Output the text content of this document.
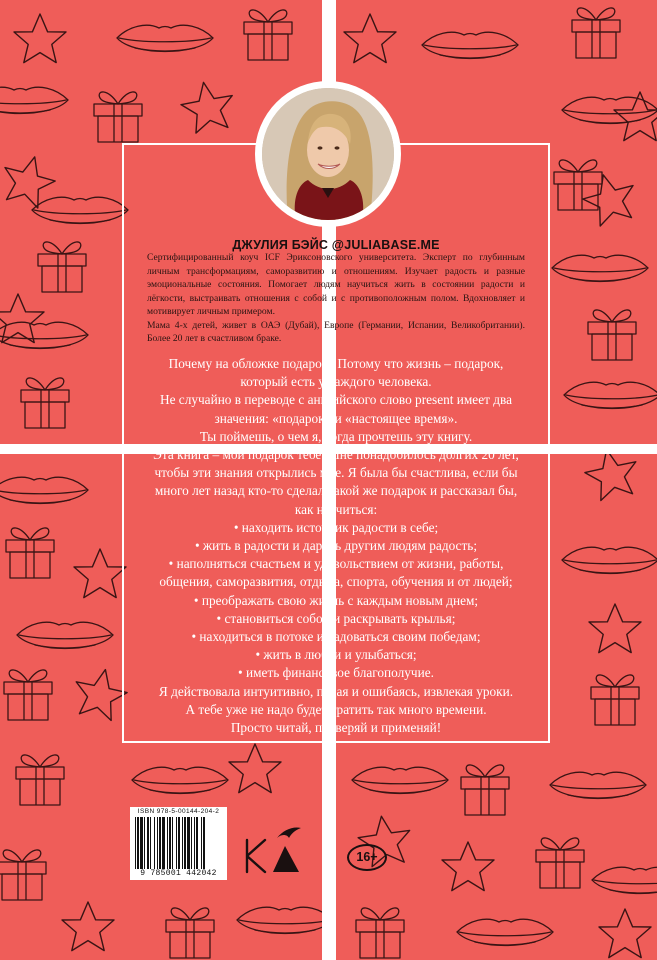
ДЖУЛИЯ БЭЙС @JULIABASE.ME

Сертифицированный коуч ICF Эриксоновского университета. Эксперт по глубинным личным трансформациям, саморазвитию и отношениям. Изучает радость и разные эмоциональные состояния. Помогает людям научиться жить в состоянии радости и лёгкости, выстраивать отношения с собой и с противоположным полом. Вдохновляет и мотивирует личным примером.

Мама 4-х детей, живет в ОАЭ (Дубай), Европе (Германии, Испании, Великобритании). Более 20 лет в счастливом браке.

Почему на обложке подарок? Потому что жизнь – подарок,

который есть у каждого человека.

Не случайно в переводе с английского слово present имеет два

значения: «подарок» и «настоящее время».

Ты поймешь, о чем я, когда прочтешь эту книгу.

Эта книга – мой подарок тебе. Мне понадобилось долгих 20 лет,

чтобы эти знания открылись мне. Я была бы счастлива, если бы

много лет назад кто-то сделал такой же подарок и рассказал бы,

как научиться:

• находить источник радости в себе;

• жить в радости и дарить другим людям радость;

• наполняться счастьем и удовольствием от жизни, работы,

общения, саморазвития, отдыха, спорта, обучения и от людей;

• преображать свою жизнь с каждым новым днем;

• становиться собой и раскрывать крылья;

• находиться в потоке и радоваться своим победам;

• жить в любви и улыбаться;

• иметь финансовое благополучие.

Я действовала интуитивно, падая и ошибаясь, извлекая уроки.

А тебе уже не надо будет тратить так много времени.

Просто читай, проверяй и применяй!

ISBN 978-5-00144-204-2
9 785001 442042
16+
